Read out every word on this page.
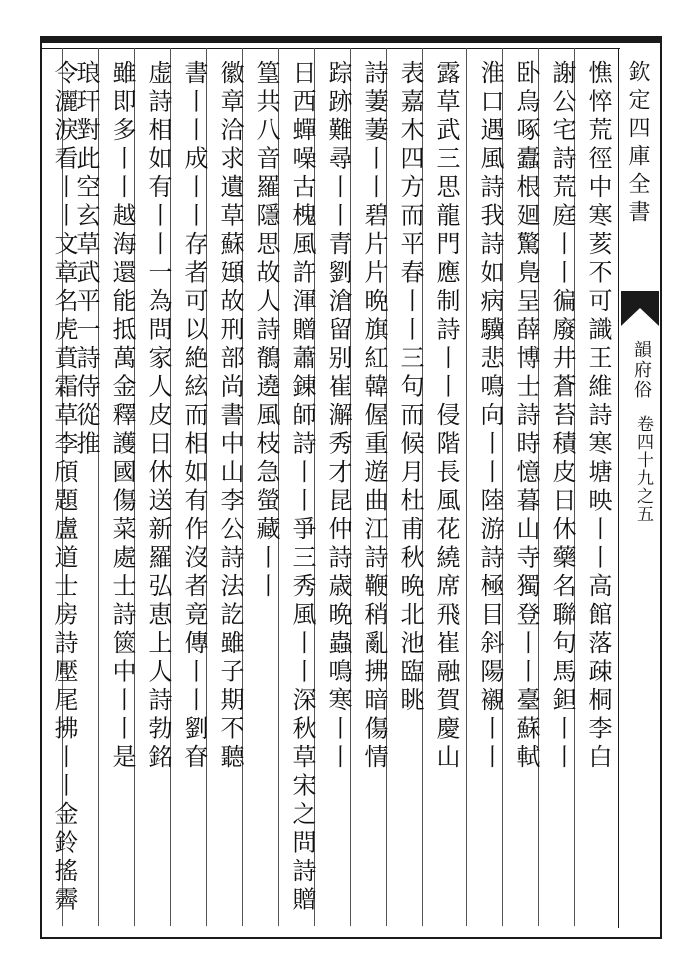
欽定四庫全書
韻府俗
卷四十九之五
憔悴荒徑中寒荄不可識王維詩寒塘映丨丨高館落疎桐李白
謝公宅詩荒庭丨丨徧廢井蒼苔積皮日休藥名聯句馬鉭丨丨
卧烏啄蠹根廻驚鳬呈薛博士詩時憶暮山寺獨登丨丨臺蘇軾
淮口遇風詩我詩如病驥悲鳴向丨丨陸游詩極目斜陽襯丨丨
露草武三思龍門應制詩丨丨侵階長風花繞席飛崔融賀慶山
表嘉木四方而平春丨丨三句而候月杜甫秋晩北池臨眺
詩萋萋丨丨碧片片晩旗紅韓偓重遊曲江詩鞭稍亂拂暗傷情
踪跡難尋丨丨青劉滄留别崔澥秀才昆仲詩歳晩蟲鳴寒丨丨
日西蟬噪古槐風許渾贈蕭錬師詩丨丨爭三秀風丨丨深秋草宋之問詩贈
篁共八音羅隱思故人詩鶺遶風枝急螢藏丨丨
徽章洽求遺草蘇頲故刑部尚書中山李公詩法訖雖子期不聽
書丨丨成丨丨存者可以絶絃而相如有作沒者竟傳丨丨劉眘
虚詩相如有丨丨一為問家人皮日休送新羅弘恵上人詩勃銘
雖即多丨丨越海還能抵萬金釋護國傷菜處士詩篋中丨丨是
琅玕對此空玄草武平一詩侍從推
令灑淚看丨丨文章名虎賁霜草李頎題盧道士房詩壓尾拂丨丨金鈴搖霽
